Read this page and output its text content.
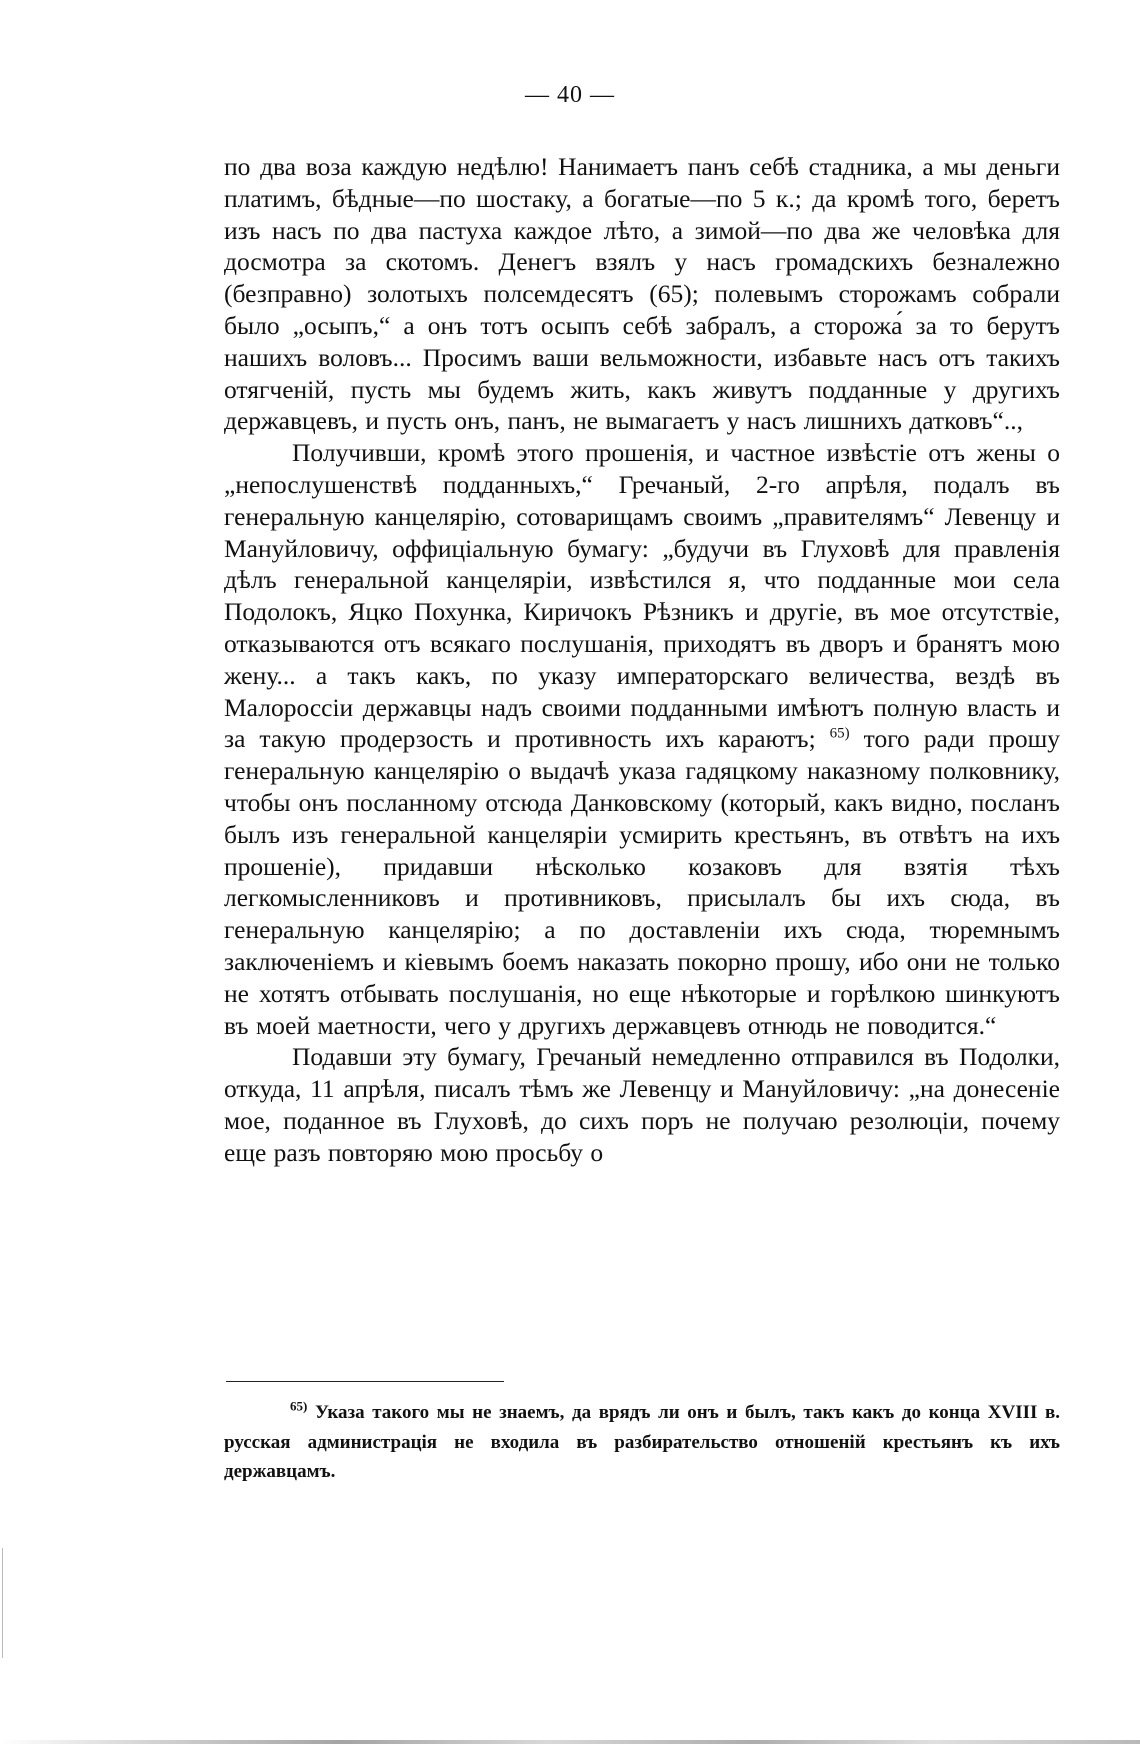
— 40 —

по два воза каждую недѣлю! Нанимаетъ панъ себѣ стадника, а мы деньги платимъ, бѣдные—по шостаку, а богатые—по 5 к.; да кромѣ того, беретъ изъ насъ по два пастуха каждое лѣто, а зимой—по два же человѣка для досмотра за скотомъ. Денегъ взялъ у насъ громадскихъ безналежно (безправно) золотыхъ полсемдесятъ (65); полевымъ сторожамъ собрали было „осыпъ,“ а онъ тотъ осыпъ себѣ забралъ, а сторожа́ за то берутъ нашихъ воловъ... Просимъ ваши вельможности, избавьте насъ отъ такихъ отягченій, пусть мы будемъ жить, какъ живутъ подданные у другихъ державцевъ, и пусть онъ, панъ, не вымагаетъ у насъ лишнихъ датковъ“..,

Получивши, кромѣ этого прошенія, и частное извѣстіе отъ жены о „непослушенствѣ подданныхъ,“ Гречаный, 2-го апрѣля, подалъ въ генеральную канцелярію, сотоварищамъ своимъ „правителямъ“ Левенцу и Мануйловичу, оффиціальную бумагу: „будучи въ Глуховѣ для правленія дѣлъ генеральной канцеляріи, извѣстился я, что подданные мои села Подолокъ, Яцко Похунка, Киричокъ Рѣзникъ и другіе, въ мое отсутствіе, отказываются отъ всякаго послушанія, приходятъ въ дворъ и бранятъ мою жену... а такъ какъ, по указу императорскаго величества, вездѣ въ Малороссіи державцы надъ своими подданными имѣютъ полную власть и за такую продерзость и противность ихъ караютъ; $^{65)}$ того ради прошу генеральную канцелярію о выдачѣ указа гадяцкому наказному полковнику, чтобы онъ посланному отсюда Данковскому (который, какъ видно, посланъ былъ изъ генеральной канцеляріи усмирить крестьянъ, въ отвѣтъ на ихъ прошеніе), придавши нѣсколько козаковъ для взятія тѣхъ легкомысленниковъ и противниковъ, присылалъ бы ихъ сюда, въ генеральную канцелярію; а по доставленіи ихъ сюда, тюремнымъ заключеніемъ и кіевымъ боемъ наказать покорно прошу, ибо они не только не хотятъ отбывать послушанія, но еще нѣкоторые и горѣлкою шинкуютъ въ моей маетности, чего у другихъ державцевъ отнюдь не поводится.“

Подавши эту бумагу, Гречаный немедленно отправился въ Подолки, откуда, 11 апрѣля, писалъ тѣмъ же Левенцу и Мануйловичу: „на донесеніе мое, поданное въ Глуховѣ, до сихъ поръ не получаю резолюціи, почему еще разъ повторяю мою просьбу о

$^{65)}$ Указа такого мы не знаемъ, да врядъ ли онъ и былъ, такъ какъ до конца XVIII в. русская администрація не входила въ разбирательство отношеній крестьянъ къ ихъ державцамъ.
